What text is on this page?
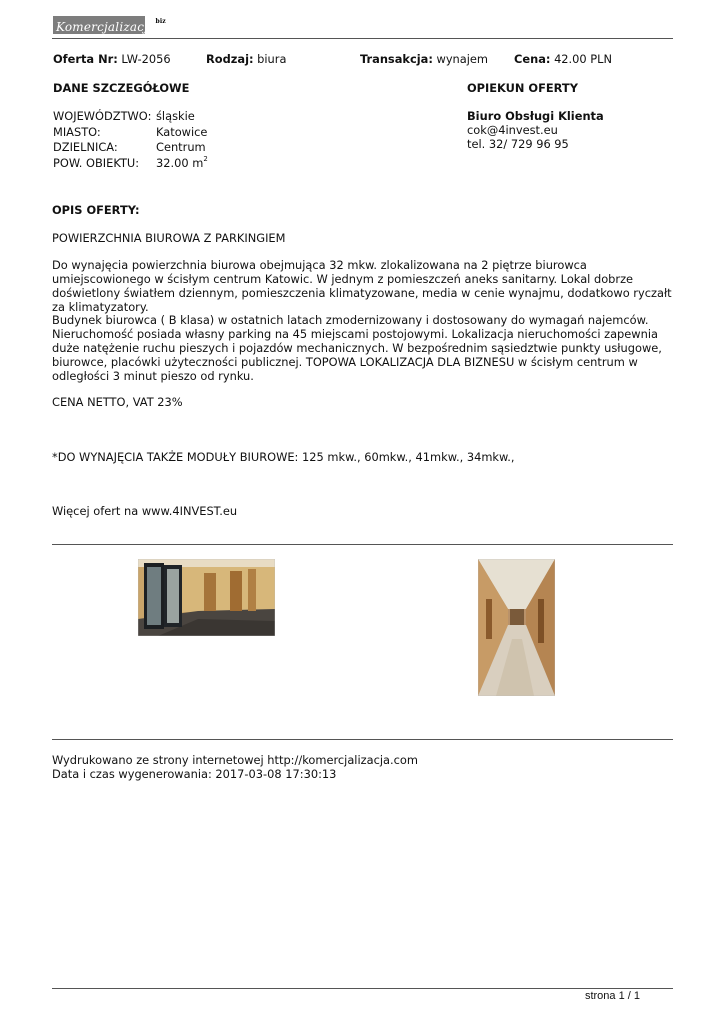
Komercjalizacja$^{biz}$
Oferta Nr: LW-2056	Rodzaj: biura	Transakcja: wynajem Cena: 42.00 PLN
DANE SZCZEGÓŁOWE
WOJEWÓDZTWO:	śląskie
MIASTO:	Katowice
DZIELNICA:	Centrum
POW. OBIEKTU:	32.00 $m^2$
OPIEKUN OFERTY
Biuro Obsługi Klienta
cok@4invest.eu
tel. 32/ 729 96 95
OPIS OFERTY:
POWIERZCHNIA BIUROWA Z PARKINGIEM

Do wynajęcia powierzchnia biurowa obejmująca 32 mkw. zlokalizowana na 2 piętrze biurowca umiejscowionego w ścisłym centrum Katowic. W jednym z pomieszczeń aneks sanitarny. Lokal dobrze doświetlony światłem dziennym, pomieszczenia klimatyzowane, media w cenie wynajmu, dodatkowo ryczałt za klimatyzatory.

Budynek biurowca ( B klasa) w ostatnich latach zmodernizowany i dostosowany do wymagań najemców. Nieruchomość posiada własny parking na 45 miejscami postojowymi. Lokalizacja nieruchomości zapewnia duże natężenie ruchu pieszych i pojazdów mechanicznych. W bezpośrednim sąsiedztwie punkty usługowe, biurowce, placówki użyteczności publicznej. TOPOWA LOKALIZACJA DLA BIZNESU w ścisłym centrum w odległości 3 minut pieszo od rynku.

CENA NETTO, VAT 23%
*DO WYNAJĘCIA TAKŻE MODUŁY BIUROWE: 125 mkw., 60mkw., 41mkw., 34mkw.,
Więcej ofert na www.4INVEST.eu
Wydrukowano ze strony internetowej http://komercjalizacja.com
Data i czas wygenerowania: 2017-03-08 17:30:13
strona 1 / 1
